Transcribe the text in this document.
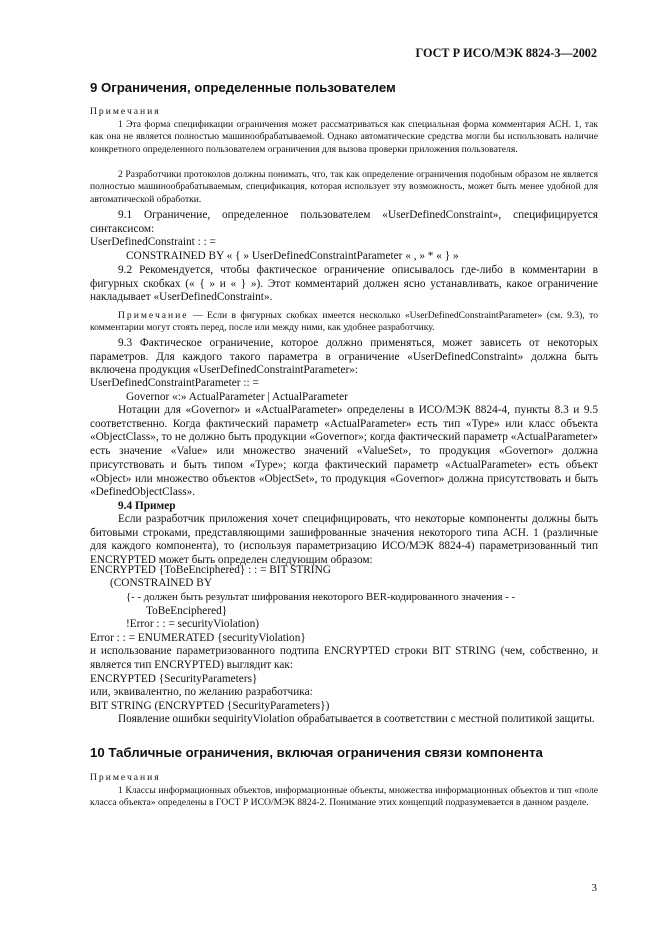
ГОСТ Р ИСО/МЭК 8824-3—2002
9 Ограничения, определенные пользователем
Примечания

1 Эта форма спецификации ограничения может рассматриваться как специальная форма комментария АСН. 1, так как она не является полностью машинообрабатываемой. Однако автоматические средства могли бы использовать наличие конкретного определенного пользователем ограничения для вызова проверки приложения пользователя.

2 Разработчики протоколов должны понимать, что, так как определение ограничения подобным образом не является полностью машинообрабатываемым, спецификация, которая использует эту возможность, может быть менее удобной для автоматической обработки.

9.1 Ограничение, определенное пользователем «UserDefinedConstraint», специфицируется синтаксисом:

UserDefinedConstraint : : =
CONSTRAINED BY « { » UserDefinedConstraintParameter « , » * « } »

9.2 Рекомендуется, чтобы фактическое ограничение описывалось где-либо в комментарии в фигурных скобках (« { » и « } »). Этот комментарий должен ясно устанавливать, какое ограничение накладывает «UserDefinedConstraint».

Примечание — Если в фигурных скобках имеется несколько «UserDefinedConstraintParameter» (см. 9.3), то комментарии могут стоять перед, после или между ними, как удобнее разработчику.

9.3 Фактическое ограничение, которое должно применяться, может зависеть от некоторых параметров. Для каждого такого параметра в ограничение «UserDefinedConstraint» должна быть включена продукция «UserDefinedConstraintParameter»:

UserDefinedConstraintParameter :: =
Governor «:» ActualParameter | ActualParameter

Нотации для «Governor» и «ActualParameter» определены в ИСО/МЭК 8824-4, пункты 8.3 и 9.5 соответственно. Когда фактический параметр «ActualParameter» есть тип «Type» или класс объекта «ObjectClass», то не должно быть продукции «Governor»; когда фактический параметр «ActualParameter» есть значение «Value» или множество значений «ValueSet», то продукция «Governor» должна присутствовать и быть типом «Type»; когда фактический параметр «ActualParameter» есть объект «Object» или множество объектов «ObjectSet», то продукция «Governor» должна присутствовать и быть «DefinedObjectClass».

9.4 Пример

Если разработчик приложения хочет специфицировать, что некоторые компоненты должны быть битовыми строками, представляющими зашифрованные значения некоторого типа АСН. 1 (различные для каждого компонента), то (используя параметризацию ИСО/МЭК 8824-4) параметризованный тип ENCRYPTED может быть определен следующим образом:

ENCRYPTED {ToBeEnciphered} : : = BIT STRING
(CONSTRAINED BY
{- - должен быть результат шифрования некоторого BER-кодированного значения - -
ToBeEnciphered}
!Error : : = securityViolation)
Error : : = ENUMERATED {securityViolation}

и использование параметризованного подтипа ENCRYPTED строки BIT STRING (чем, собственно, и является тип ENCRYPTED) выглядит как:

ENCRYPTED {SecurityParameters}
или, эквивалентно, по желанию разработчика:
BIT STRING (ENCRYPTED {SecurityParameters})

Появление ошибки sequirityViolation обрабатывается в соответствии с местной политикой защиты.

10 Табличные ограничения, включая ограничения связи компонента
Примечания

1 Классы информационных объектов, информационные объекты, множества информационных объектов и тип «поле класса объекта» определены в ГОСТ Р ИСО/МЭК 8824-2. Понимание этих концепций подразумевается в данном разделе.

3
